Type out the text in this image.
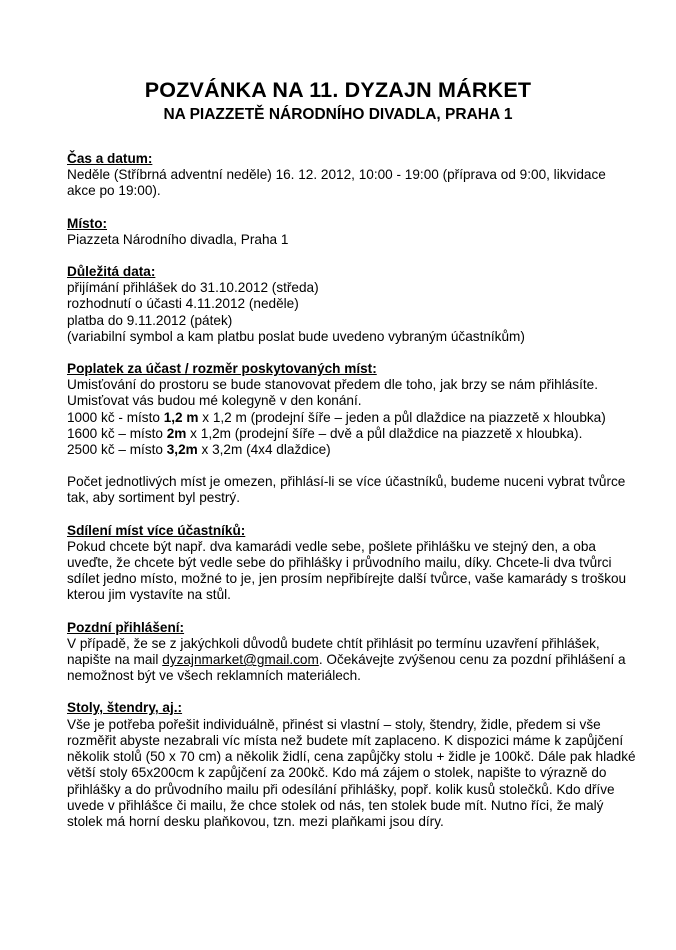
POZVÁNKA NA 11. DYZAJN MÁRKET
NA PIAZZETĚ NÁRODNÍHO DIVADLA, PRAHA 1

Čas a datum:

Neděle (Stříbrná adventní neděle) 16. 12. 2012, 10:00 - 19:00 (příprava od 9:00, likvidace akce po 19:00).

Místo:

Piazzeta Národního divadla, Praha 1

Důležitá data:

přijímání přihlášek do 31.10.2012 (středa)

rozhodnutí o účasti 4.11.2012 (neděle)

platba do 9.11.2012 (pátek)

(variabilní symbol a kam platbu poslat bude uvedeno vybraným účastníkům)

Poplatek za účast / rozměr poskytovaných míst:

Umisťování do prostoru se bude stanovovat předem dle toho, jak brzy se nám přihlásíte. Umisťovat vás budou mé kolegyně v den konání.

1000 kč - místo 1,2 m x 1,2 m (prodejní šíře – jeden a půl dlaždice na piazzetě x hloubka)

1600 kč – místo 2m x 1,2m (prodejní šíře – dvě a půl dlaždice na piazzetě x hloubka).

2500 kč – místo 3,2m x 3,2m (4x4 dlaždice)

Počet jednotlivých míst je omezen, přihlásí-li se více účastníků, budeme nuceni vybrat tvůrce tak, aby sortiment byl pestrý.

Sdílení míst více účastníků:

Pokud chcete být např. dva kamarádi vedle sebe, pošlete přihlášku ve stejný den, a oba uveďte, že chcete být vedle sebe do přihlášky i průvodního mailu, díky. Chcete-li dva tvůrci sdílet jedno místo, možné to je, jen prosím nepřibírejte další tvůrce, vaše kamarády s troškou kterou jim vystavíte na stůl.

Pozdní přihlášení:

V případě, že se z jakýchkoli důvodů budete chtít přihlásit po termínu uzavření přihlášek, napište na mail dyzajnmarket@gmail.com. Očekávejte zvýšenou cenu za pozdní přihlášení a nemožnost být ve všech reklamních materiálech.

Stoly, štendry, aj.:

Vše je potřeba pořešit individuálně, přinést si vlastní – stoly, štendry, židle, předem si vše rozměřit abyste nezabrali víc místa než budete mít zaplaceno. K dispozici máme k zapůjčení několik stolů (50 x 70 cm) a několik židlí, cena zapůjčky stolu + židle je 100kč. Dále pak hladké větší stoly 65x200cm k zapůjčení za 200kč. Kdo má zájem o stolek, napište to výrazně do přihlášky a do průvodního mailu při odesílání přihlášky, popř. kolik kusů stolečků. Kdo dříve uvede v přihlášce či mailu, že chce stolek od nás, ten stolek bude mít. Nutno říci, že malý stolek má horní desku plaňkovou, tzn. mezi plaňkami jsou díry.
